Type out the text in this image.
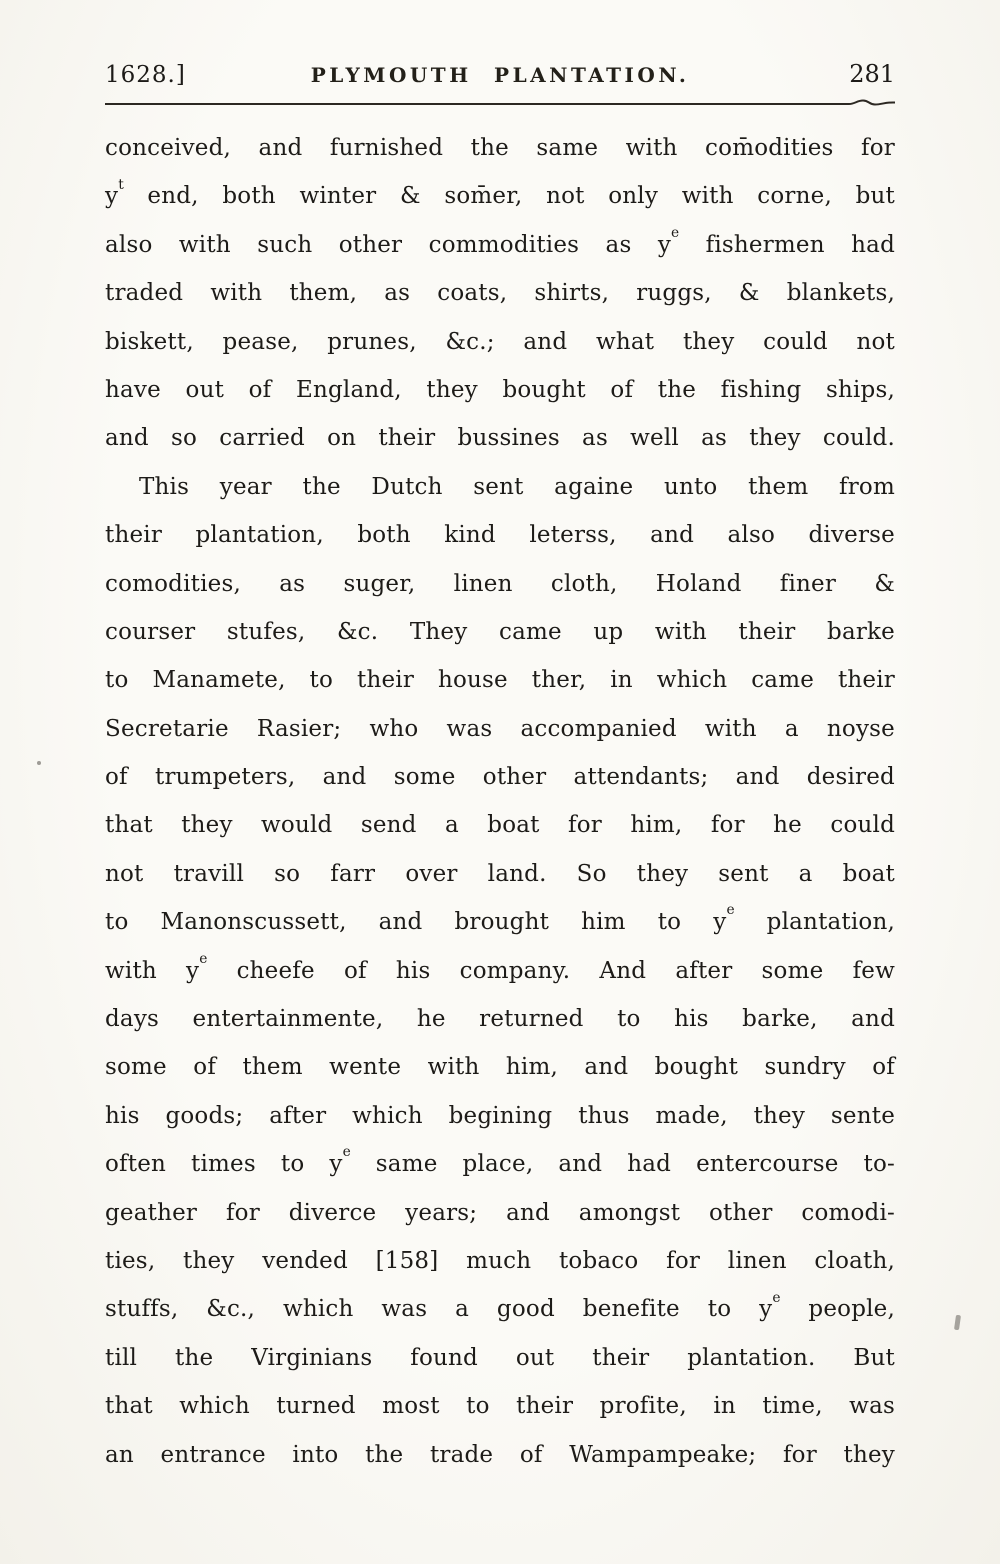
1628.]	PLYMOUTH PLANTATION.	281
conceived, and furnished the same with com̄odities for
$y^t$ end, both winter & som̄er, not only with corne, but
also with such other commodities as $y^e$ fishermen had
traded with them, as coats, shirts, ruggs, & blankets,
biskett, pease, prunes, &c.; and what they could not
have out of England, they bought of the fishing ships,
and so carried on their bussines as well as they could.
This year the Dutch sent againe unto them from
their plantation, both kind leterss, and also diverse
comodities, as suger, linen cloth, Holand finer &
courser stufes, &c. They came up with their barke
to Manamete, to their house ther, in which came their
Secretarie Rasier; who was accompanied with a noyse
of trumpeters, and some other attendants; and desired
that they would send a boat for him, for he could
not travill so farr over land. So they sent a boat
to Manonscussett, and brought him to $y^e$ plantation,
with $y^e$ cheefe of his company. And after some few
days entertainmente, he returned to his barke, and
some of them wente with him, and bought sundry of
his goods; after which begining thus made, they sente
often times to $y^e$ same place, and had entercourse to-
geather for diverce years; and amongst other comodi-
ties, they vended [158] much tobaco for linen cloath,
stuffs, &c., which was a good benefite to $y^e$ people,
till the Virginians found out their plantation. But
that which turned most to their profite, in time, was
an entrance into the trade of Wampampeake; for they
